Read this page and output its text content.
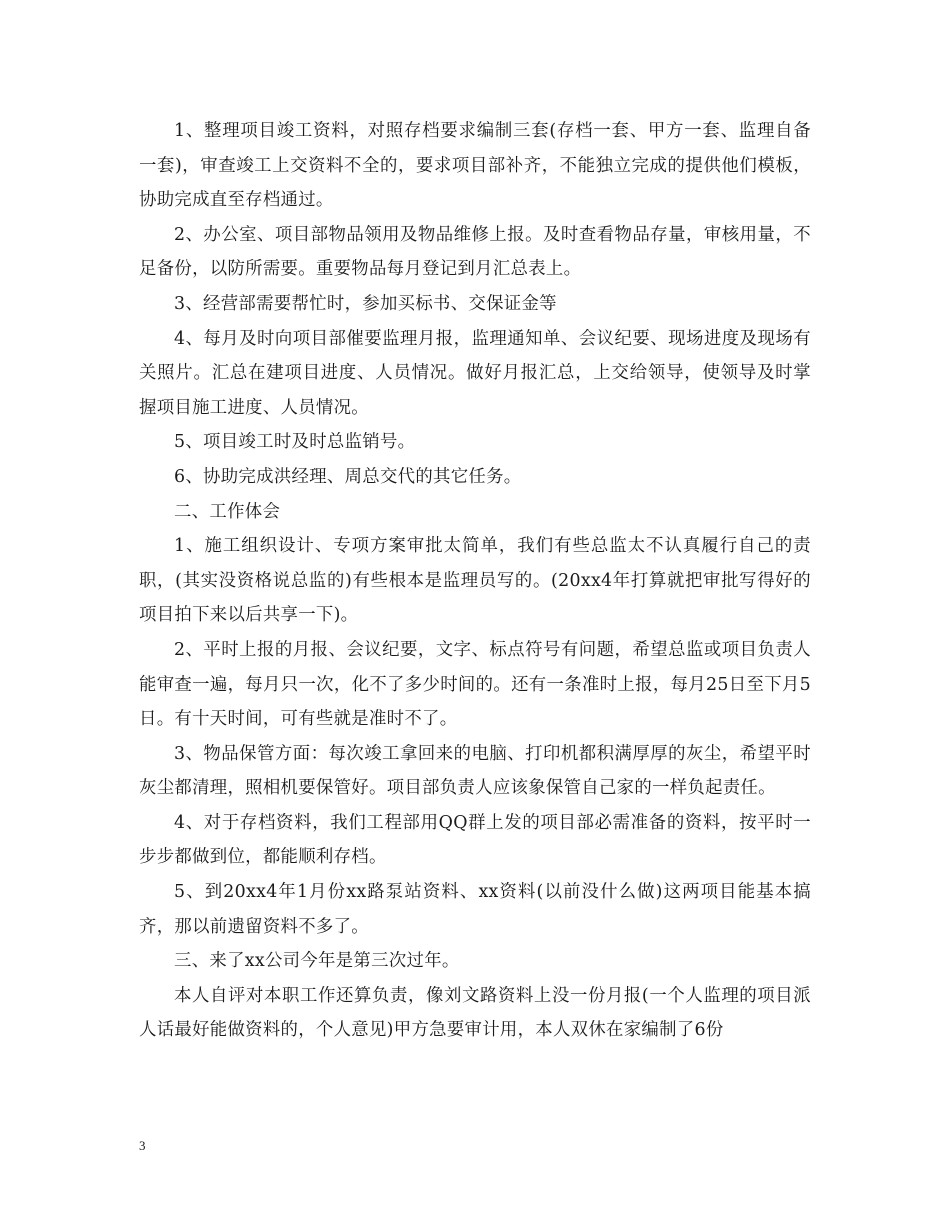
1、整理项目竣工资料，对照存档要求编制三套(存档一套、甲方一套、监理自备一套)，审查竣工上交资料不全的，要求项目部补齐，不能独立完成的提供他们模板，协助完成直至存档通过。

2、办公室、项目部物品领用及物品维修上报。及时查看物品存量，审核用量，不足备份，以防所需要。重要物品每月登记到月汇总表上。

3、经营部需要帮忙时，参加买标书、交保证金等

4、每月及时向项目部催要监理月报，监理通知单、会议纪要、现场进度及现场有关照片。汇总在建项目进度、人员情况。做好月报汇总，上交给领导，使领导及时掌握项目施工进度、人员情况。

5、项目竣工时及时总监销号。

6、协助完成洪经理、周总交代的其它任务。

二、工作体会

1、施工组织设计、专项方案审批太简单，我们有些总监太不认真履行自己的责职，(其实没资格说总监的)有些根本是监理员写的。(20xx4年打算就把审批写得好的项目拍下来以后共享一下)。

2、平时上报的月报、会议纪要，文字、标点符号有问题，希望总监或项目负责人能审查一遍，每月只一次，化不了多少时间的。还有一条准时上报，每月25日至下月5日。有十天时间，可有些就是准时不了。

3、物品保管方面：每次竣工拿回来的电脑、打印机都积满厚厚的灰尘，希望平时灰尘都清理，照相机要保管好。项目部负责人应该象保管自己家的一样负起责任。

4、对于存档资料，我们工程部用QQ群上发的项目部必需准备的资料，按平时一步步都做到位，都能顺利存档。

5、到20xx4年1月份xx路泵站资料、xx资料(以前没什么做)这两项目能基本搞齐，那以前遗留资料不多了。

三、来了xx公司今年是第三次过年。

本人自评对本职工作还算负责，像刘文路资料上没一份月报(一个人监理的项目派人话最好能做资料的，个人意见)甲方急要审计用，本人双休在家编制了6份

3
